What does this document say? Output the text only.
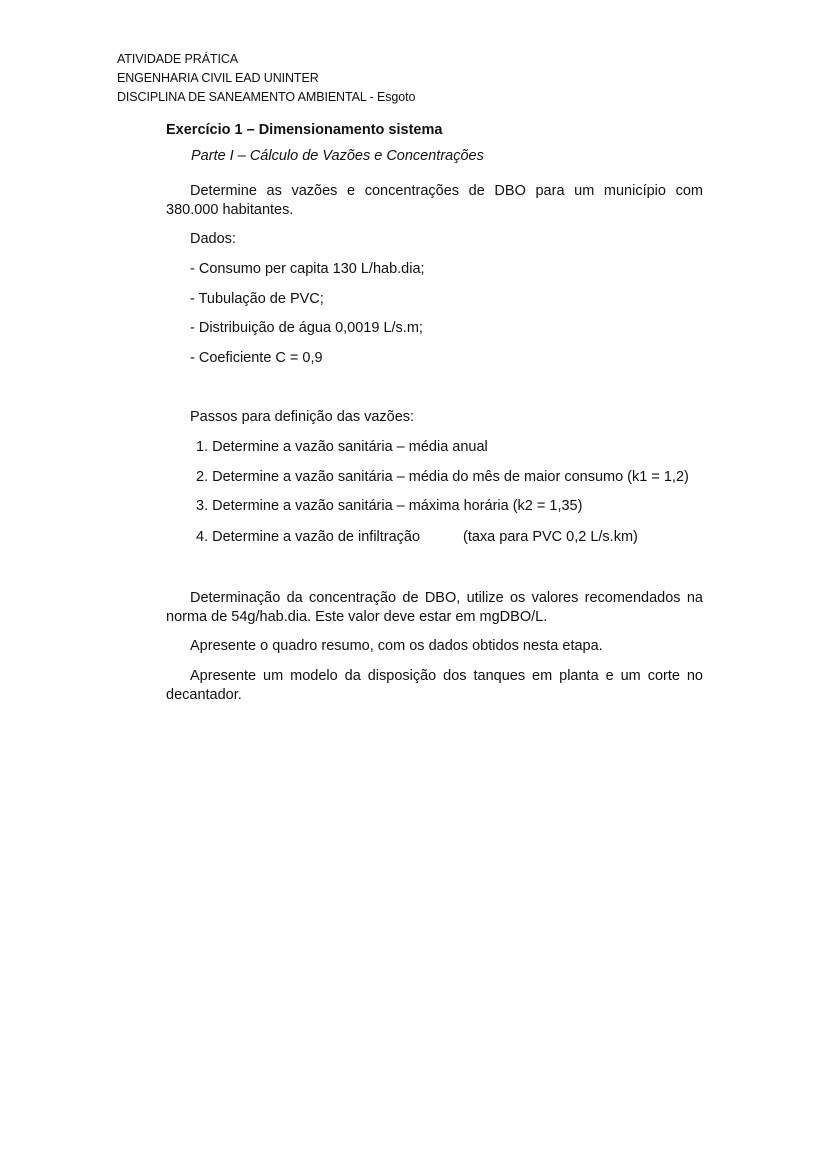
ATIVIDADE PRÁTICA
ENGENHARIA CIVIL EAD UNINTER
DISCIPLINA DE SANEAMENTO AMBIENTAL - Esgoto
Exercício 1 – Dimensionamento sistema
Parte I – Cálculo de Vazões e Concentrações
Determine as vazões e concentrações de DBO para um município com 380.000 habitantes.
Dados:
- Consumo per capita 130 L/hab.dia;
- Tubulação de PVC;
- Distribuição de água 0,0019 L/s.m;
- Coeficiente C = 0,9
Passos para definição das vazões:
1. Determine a vazão sanitária – média anual
2. Determine a vazão sanitária – média do mês de maior consumo (k1 = 1,2)
3. Determine a vazão sanitária – máxima horária (k2 = 1,35)
4. Determine a vazão de infiltração	(taxa para PVC 0,2 L/s.km)
Determinação da concentração de DBO, utilize os valores recomendados na norma de 54g/hab.dia. Este valor deve estar em mgDBO/L.
Apresente o quadro resumo, com os dados obtidos nesta etapa.
Apresente um modelo da disposição dos tanques em planta e um corte no decantador.
